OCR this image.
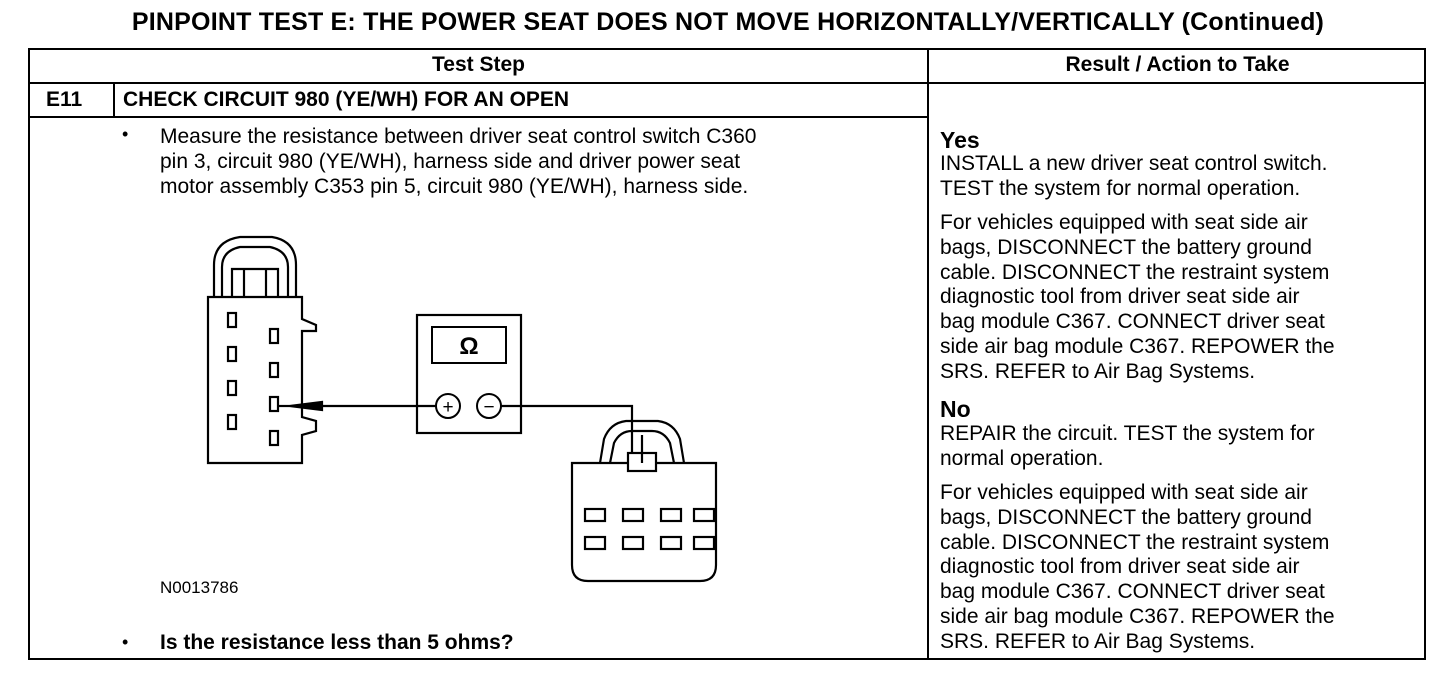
PINPOINT TEST E: THE POWER SEAT DOES NOT MOVE HORIZONTALLY/VERTICALLY (Continued)
Test Step	Result / Action to Take
E11 CHECK CIRCUIT 980 (YE/WH) FOR AN OPEN
• Measure the resistance between driver seat control switch C360
pin 3, circuit 980 (YE/WH), harness side and driver power seat
motor assembly C353 pin 5, circuit 980 (YE/WH), harness side.
Ω
+ −
N0013786
• Is the resistance less than 5 ohms?
Yes
INSTALL a new driver seat control switch.
TEST the system for normal operation.
For vehicles equipped with seat side air
bags, DISCONNECT the battery ground
cable. DISCONNECT the restraint system
diagnostic tool from driver seat side air
bag module C367. CONNECT driver seat
side air bag module C367. REPOWER the
SRS. REFER to Air Bag Systems.
No
REPAIR the circuit. TEST the system for
normal operation.
For vehicles equipped with seat side air
bags, DISCONNECT the battery ground
cable. DISCONNECT the restraint system
diagnostic tool from driver seat side air
bag module C367. CONNECT driver seat
side air bag module C367. REPOWER the
SRS. REFER to Air Bag Systems.
